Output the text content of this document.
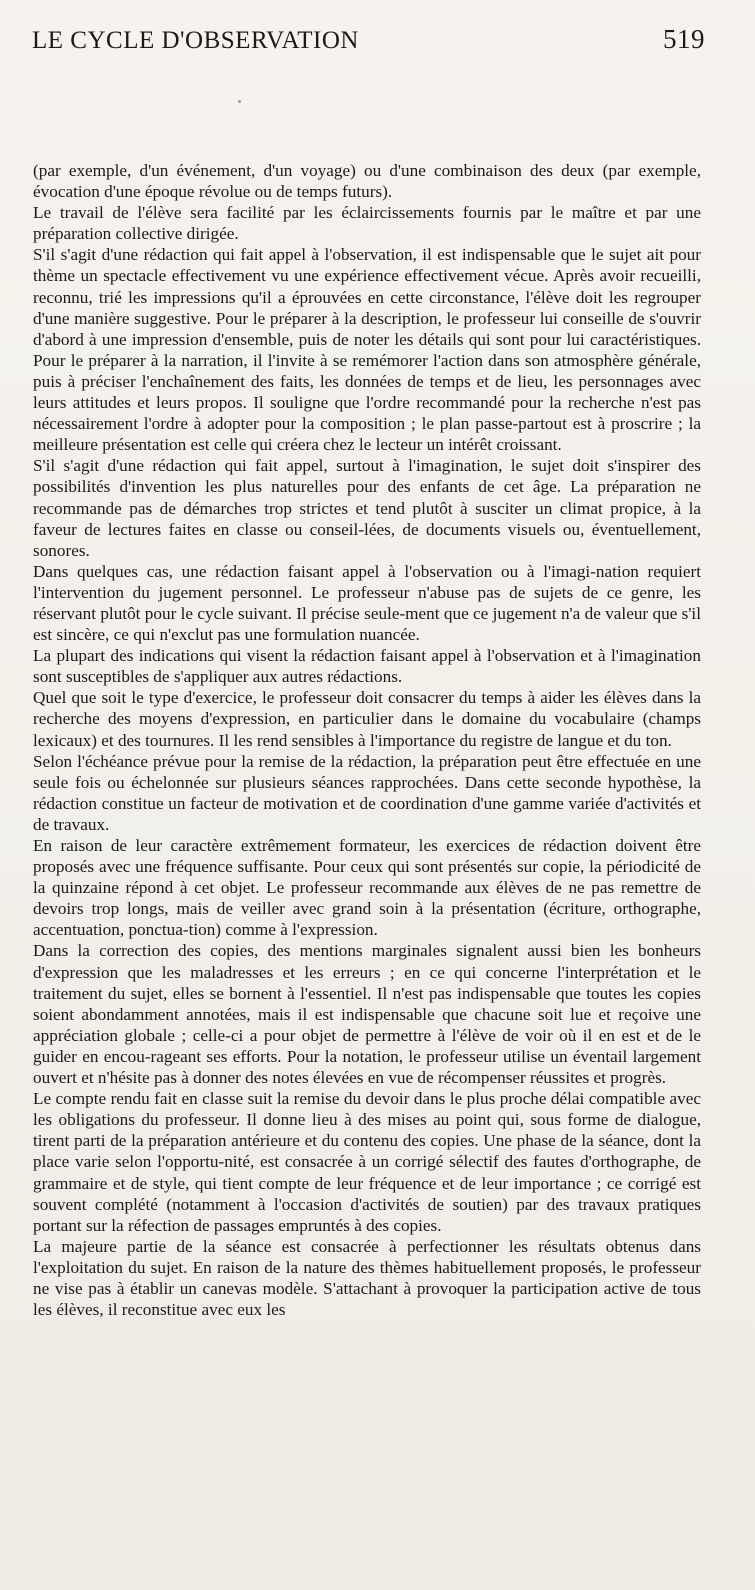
LE CYCLE D'OBSERVATION	519

(par exemple, d'un événement, d'un voyage) ou d'une combinaison des deux (par exemple, évocation d'une époque révolue ou de temps futurs).

Le travail de l'élève sera facilité par les éclaircissements fournis par le maître et par une préparation collective dirigée.

S'il s'agit d'une rédaction qui fait appel à l'observation, il est indispensable que le sujet ait pour thème un spectacle effectivement vu une expérience effectivement vécue. Après avoir recueilli, reconnu, trié les impressions qu'il a éprouvées en cette circonstance, l'élève doit les regrouper d'une manière suggestive. Pour le préparer à la description, le professeur lui conseille de s'ouvrir d'abord à une impression d'ensemble, puis de noter les détails qui sont pour lui caractéristiques. Pour le préparer à la narration, il l'invite à se remémorer l'action dans son atmosphère générale, puis à préciser l'enchaînement des faits, les données de temps et de lieu, les personnages avec leurs attitudes et leurs propos. Il souligne que l'ordre recommandé pour la recherche n'est pas nécessairement l'ordre à adopter pour la composition ; le plan passe-partout est à proscrire ; la meilleure présentation est celle qui créera chez le lecteur un intérêt croissant.

S'il s'agit d'une rédaction qui fait appel, surtout à l'imagination, le sujet doit s'inspirer des possibilités d'invention les plus naturelles pour des enfants de cet âge. La préparation ne recommande pas de démarches trop strictes et tend plutôt à susciter un climat propice, à la faveur de lectures faites en classe ou conseil-lées, de documents visuels ou, éventuellement, sonores.

Dans quelques cas, une rédaction faisant appel à l'observation ou à l'imagi-nation requiert l'intervention du jugement personnel. Le professeur n'abuse pas de sujets de ce genre, les réservant plutôt pour le cycle suivant. Il précise seule-ment que ce jugement n'a de valeur que s'il est sincère, ce qui n'exclut pas une formulation nuancée.

La plupart des indications qui visent la rédaction faisant appel à l'observation et à l'imagination sont susceptibles de s'appliquer aux autres rédactions.

Quel que soit le type d'exercice, le professeur doit consacrer du temps à aider les élèves dans la recherche des moyens d'expression, en particulier dans le domaine du vocabulaire (champs lexicaux) et des tournures. Il les rend sensibles à l'importance du registre de langue et du ton.

Selon l'échéance prévue pour la remise de la rédaction, la préparation peut être effectuée en une seule fois ou échelonnée sur plusieurs séances rapprochées. Dans cette seconde hypothèse, la rédaction constitue un facteur de motivation et de coordination d'une gamme variée d'activités et de travaux.

En raison de leur caractère extrêmement formateur, les exercices de rédaction doivent être proposés avec une fréquence suffisante. Pour ceux qui sont présentés sur copie, la périodicité de la quinzaine répond à cet objet. Le professeur recommande aux élèves de ne pas remettre de devoirs trop longs, mais de veiller avec grand soin à la présentation (écriture, orthographe, accentuation, ponctua-tion) comme à l'expression.

Dans la correction des copies, des mentions marginales signalent aussi bien les bonheurs d'expression que les maladresses et les erreurs ; en ce qui concerne l'interprétation et le traitement du sujet, elles se bornent à l'essentiel. Il n'est pas indispensable que toutes les copies soient abondamment annotées, mais il est indispensable que chacune soit lue et reçoive une appréciation globale ; celle-ci a pour objet de permettre à l'élève de voir où il en est et de le guider en encou-rageant ses efforts. Pour la notation, le professeur utilise un éventail largement ouvert et n'hésite pas à donner des notes élevées en vue de récompenser réussites et progrès.

Le compte rendu fait en classe suit la remise du devoir dans le plus proche délai compatible avec les obligations du professeur. Il donne lieu à des mises au point qui, sous forme de dialogue, tirent parti de la préparation antérieure et du contenu des copies. Une phase de la séance, dont la place varie selon l'opportu-nité, est consacrée à un corrigé sélectif des fautes d'orthographe, de grammaire et de style, qui tient compte de leur fréquence et de leur importance ; ce corrigé est souvent complété (notamment à l'occasion d'activités de soutien) par des travaux pratiques portant sur la réfection de passages empruntés à des copies.

La majeure partie de la séance est consacrée à perfectionner les résultats obtenus dans l'exploitation du sujet. En raison de la nature des thèmes habituellement proposés, le professeur ne vise pas à établir un canevas modèle. S'attachant à provoquer la participation active de tous les élèves, il reconstitue avec eux les
